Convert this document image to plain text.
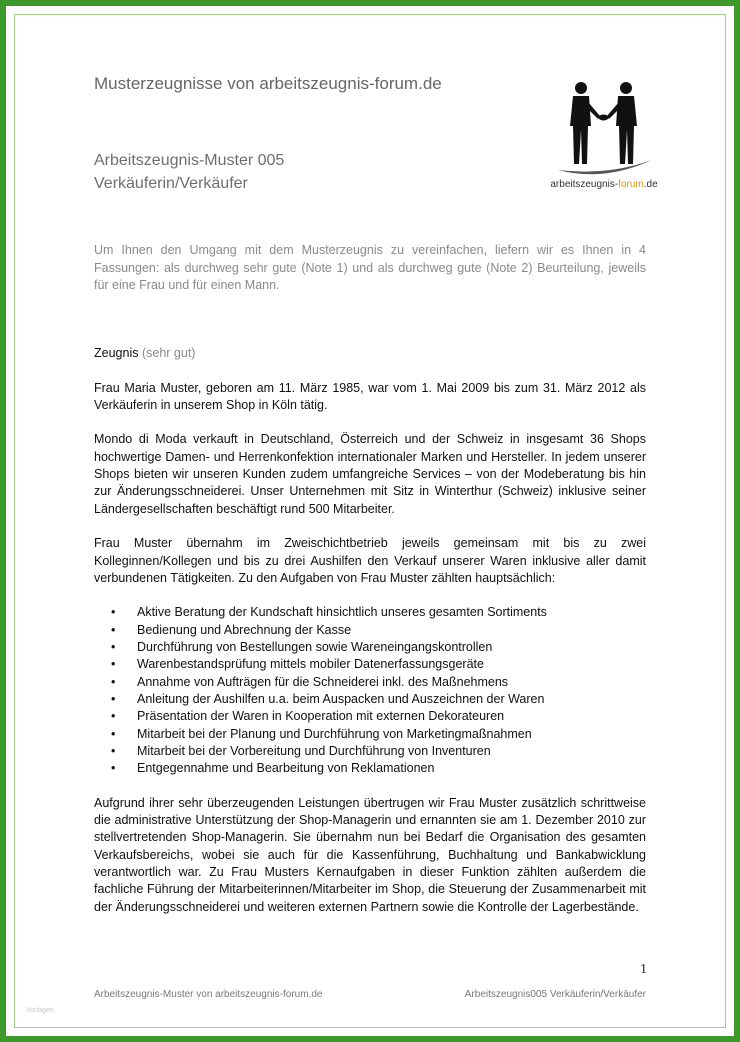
Musterzeugnisse von arbeitszeugnis-forum.de
Arbeitszeugnis-Muster 005
Verkäuferin/Verkäufer	arbeitszeugnis-forum.de
Um Ihnen den Umgang mit dem Musterzeugnis zu vereinfachen, liefern wir es Ihnen in 4 Fassungen: als durchweg sehr gute (Note 1) und als durchweg gute (Note 2) Beurteilung, jeweils für eine Frau und für einen Mann.

Zeugnis (sehr gut)

Frau Maria Muster, geboren am 11. März 1985, war vom 1. Mai 2009 bis zum 31. März 2012 als Verkäuferin in unserem Shop in Köln tätig.

Mondo di Moda verkauft in Deutschland, Österreich und der Schweiz in insgesamt 36 Shops hochwertige Damen- und Herrenkonfektion internationaler Marken und Hersteller. In jedem unserer Shops bieten wir unseren Kunden zudem umfangreiche Services – von der Modeberatung bis hin zur Änderungsschneiderei. Unser Unternehmen mit Sitz in Winterthur (Schweiz) inklusive seiner Ländergesellschaften beschäftigt rund 500 Mitarbeiter.

Frau Muster übernahm im Zweischichtbetrieb jeweils gemeinsam mit bis zu zwei Kolleginnen/Kollegen und bis zu drei Aushilfen den Verkauf unserer Waren inklusive aller damit verbundenen Tätigkeiten. Zu den Aufgaben von Frau Muster zählten hauptsächlich:

• Aktive Beratung der Kundschaft hinsichtlich unseres gesamten Sortiments
• Bedienung und Abrechnung der Kasse
• Durchführung von Bestellungen sowie Wareneingangskontrollen
• Warenbestandsprüfung mittels mobiler Datenerfassungsgeräte
• Annahme von Aufträgen für die Schneiderei inkl. des Maßnehmens
• Anleitung der Aushilfen u.a. beim Auspacken und Auszeichnen der Waren
• Präsentation der Waren in Kooperation mit externen Dekorateuren
• Mitarbeit bei der Planung und Durchführung von Marketingmaßnahmen
• Mitarbeit bei der Vorbereitung und Durchführung von Inventuren
• Entgegennahme und Bearbeitung von Reklamationen

Aufgrund ihrer sehr überzeugenden Leistungen übertrugen wir Frau Muster zusätzlich schrittweise die administrative Unterstützung der Shop-Managerin und ernannten sie am 1. Dezember 2010 zur stellvertretenden Shop-Managerin. Sie übernahm nun bei Bedarf die Organisation des gesamten Verkaufsbereichs, wobei sie auch für die Kassenführung, Buchhaltung und Bankabwicklung verantwortlich war. Zu Frau Musters Kernaufgaben in dieser Funktion zählten außerdem die fachliche Führung der Mitarbeiterinnen/Mitarbeiter im Shop, die Steuerung der Zusammenarbeit mit der Änderungsschneiderei und weiteren externen Partnern sowie die Kontrolle der Lagerbestände.

1
Arbeitszeugnis-Muster von arbeitszeugnis-forum.de	Arbeitszeugnis005 Verkäuferin/Verkäufer
Vorlagen
